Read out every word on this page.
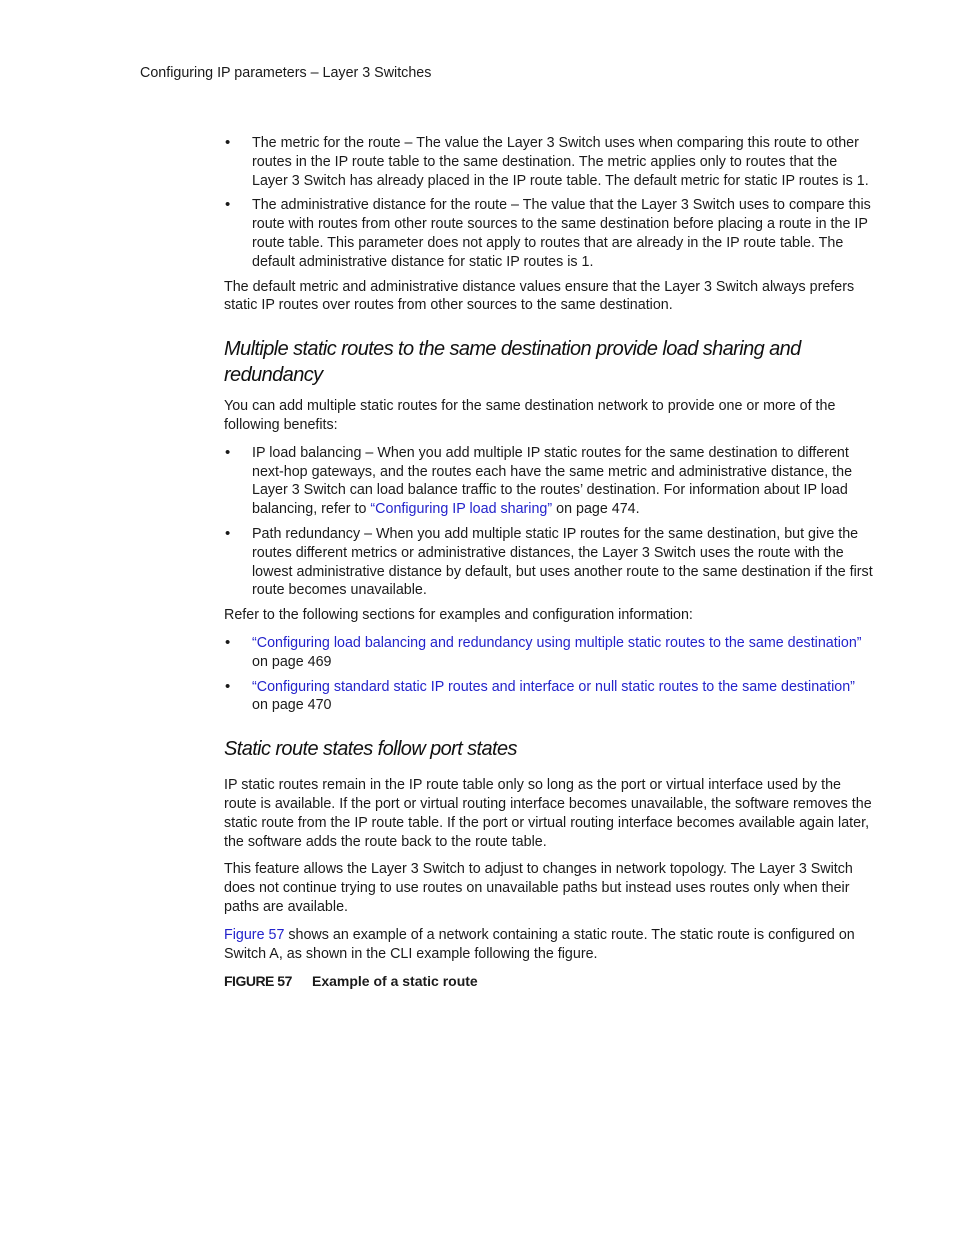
Configuring IP parameters – Layer 3 Switches
• The metric for the route – The value the Layer 3 Switch uses when comparing this route to other routes in the IP route table to the same destination. The metric applies only to routes that the Layer 3 Switch has already placed in the IP route table. The default metric for static IP routes is 1.
• The administrative distance for the route – The value that the Layer 3 Switch uses to compare this route with routes from other route sources to the same destination before placing a route in the IP route table. This parameter does not apply to routes that are already in the IP route table. The default administrative distance for static IP routes is 1.

The default metric and administrative distance values ensure that the Layer 3 Switch always prefers static IP routes over routes from other sources to the same destination.

Multiple static routes to the same destination provide load sharing and redundancy

You can add multiple static routes for the same destination network to provide one or more of the following benefits:

• IP load balancing – When you add multiple IP static routes for the same destination to different next-hop gateways, and the routes each have the same metric and administrative distance, the Layer 3 Switch can load balance traffic to the routes’ destination. For information about IP load balancing, refer to “Configuring IP load sharing” on page 474.
• Path redundancy – When you add multiple static IP routes for the same destination, but give the routes different metrics or administrative distances, the Layer 3 Switch uses the route with the lowest administrative distance by default, but uses another route to the same destination if the first route becomes unavailable.

Refer to the following sections for examples and configuration information:

• “Configuring load balancing and redundancy using multiple static routes to the same destination” on page 469
• “Configuring standard static IP routes and interface or null static routes to the same destination” on page 470
Static route states follow port states

IP static routes remain in the IP route table only so long as the port or virtual interface used by the route is available. If the port or virtual routing interface becomes unavailable, the software removes the static route from the IP route table. If the port or virtual routing interface becomes available again later, the software adds the route back to the route table.

This feature allows the Layer 3 Switch to adjust to changes in network topology. The Layer 3 Switch does not continue trying to use routes on unavailable paths but instead uses routes only when their paths are available.

Figure 57 shows an example of a network containing a static route. The static route is configured on Switch A, as shown in the CLI example following the figure.

FIGURE 57	Example of a static route
